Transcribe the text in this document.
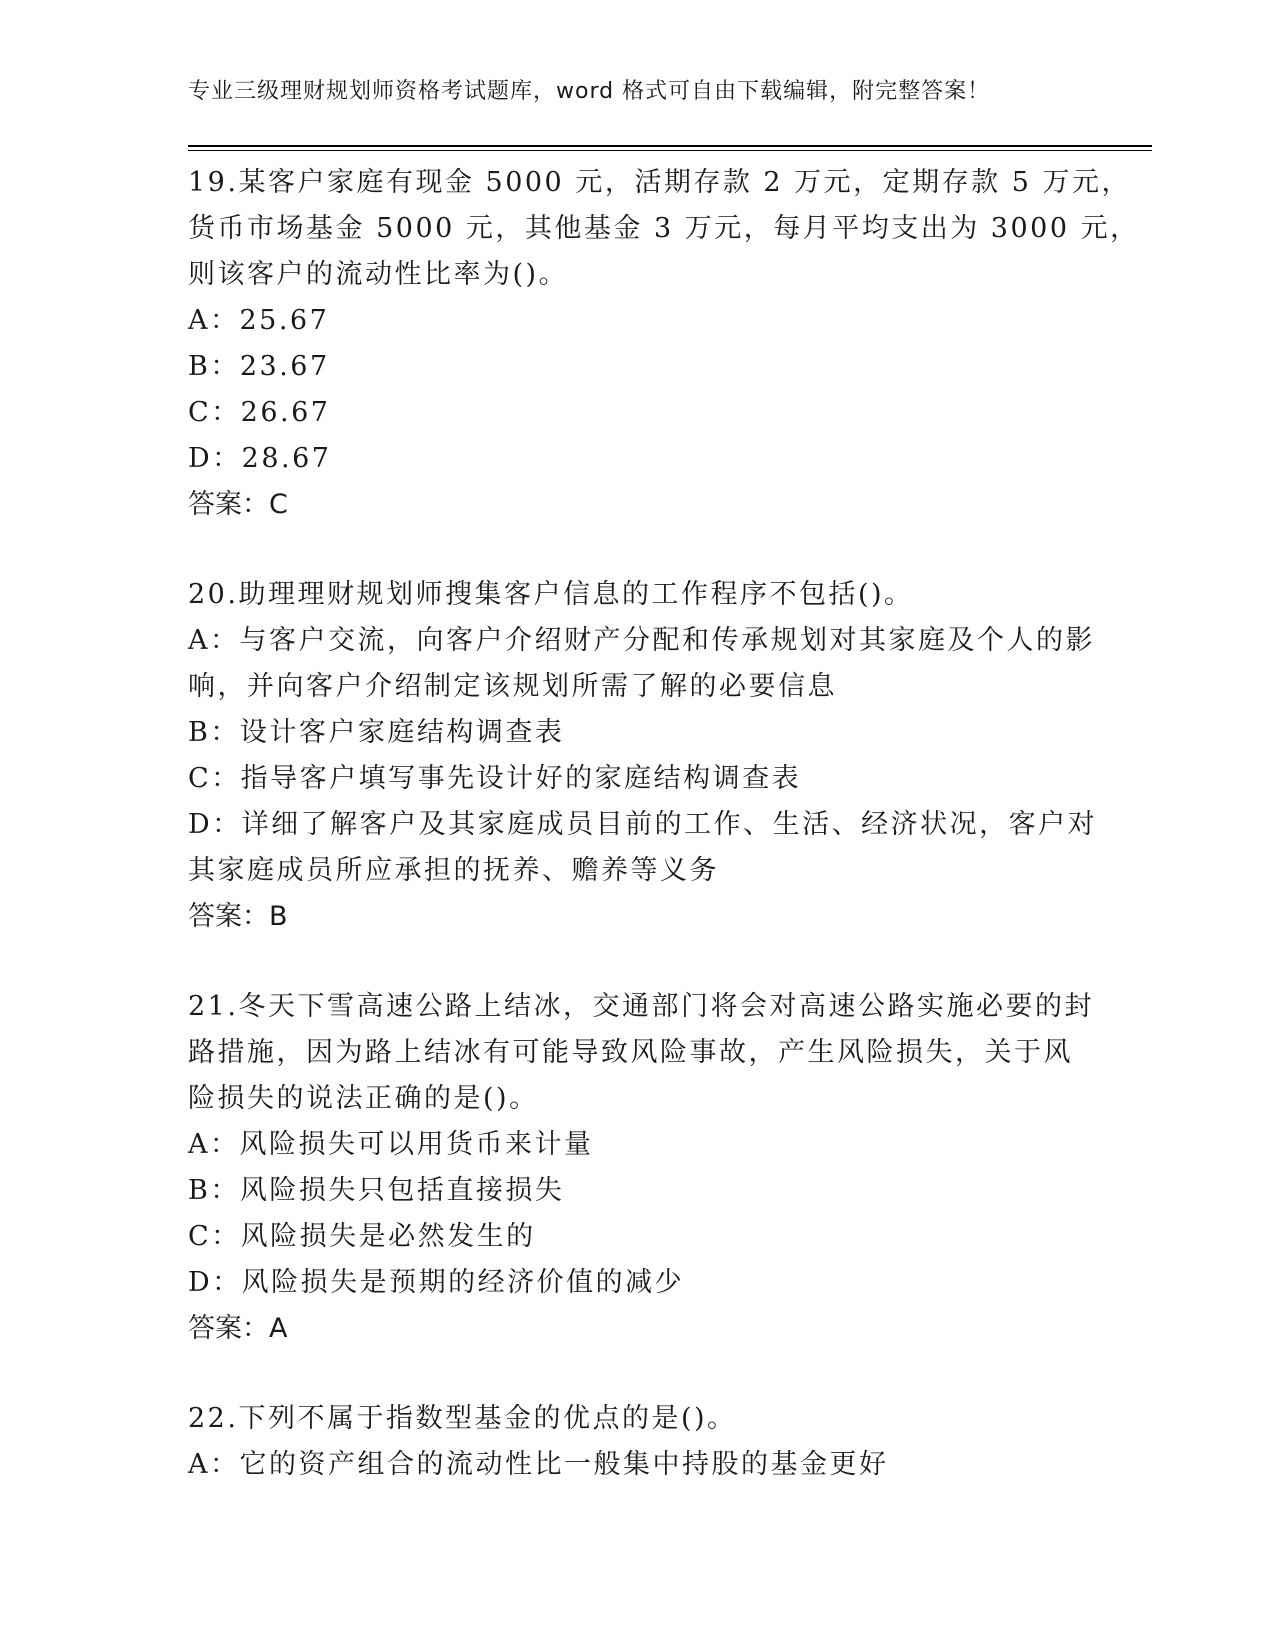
专业三级理财规划师资格考试题库，word 格式可自由下载编辑，附完整答案！
19.某客户家庭有现金 5000 元，活期存款 2 万元，定期存款 5 万元，
货币市场基金 5000 元，其他基金 3 万元，每月平均支出为 3000 元，
则该客户的流动性比率为()。
A：25.67
B：23.67
C：26.67
D：28.67
答案：C
20.助理理财规划师搜集客户信息的工作程序不包括()。
A：与客户交流，向客户介绍财产分配和传承规划对其家庭及个人的影
响，并向客户介绍制定该规划所需了解的必要信息
B：设计客户家庭结构调查表
C：指导客户填写事先设计好的家庭结构调查表
D：详细了解客户及其家庭成员目前的工作、生活、经济状况，客户对
其家庭成员所应承担的抚养、赡养等义务
答案：B
21.冬天下雪高速公路上结冰，交通部门将会对高速公路实施必要的封
路措施，因为路上结冰有可能导致风险事故，产生风险损失，关于风
险损失的说法正确的是()。
A：风险损失可以用货币来计量
B：风险损失只包括直接损失
C：风险损失是必然发生的
D：风险损失是预期的经济价值的减少
答案：A
22.下列不属于指数型基金的优点的是()。
A：它的资产组合的流动性比一般集中持股的基金更好
